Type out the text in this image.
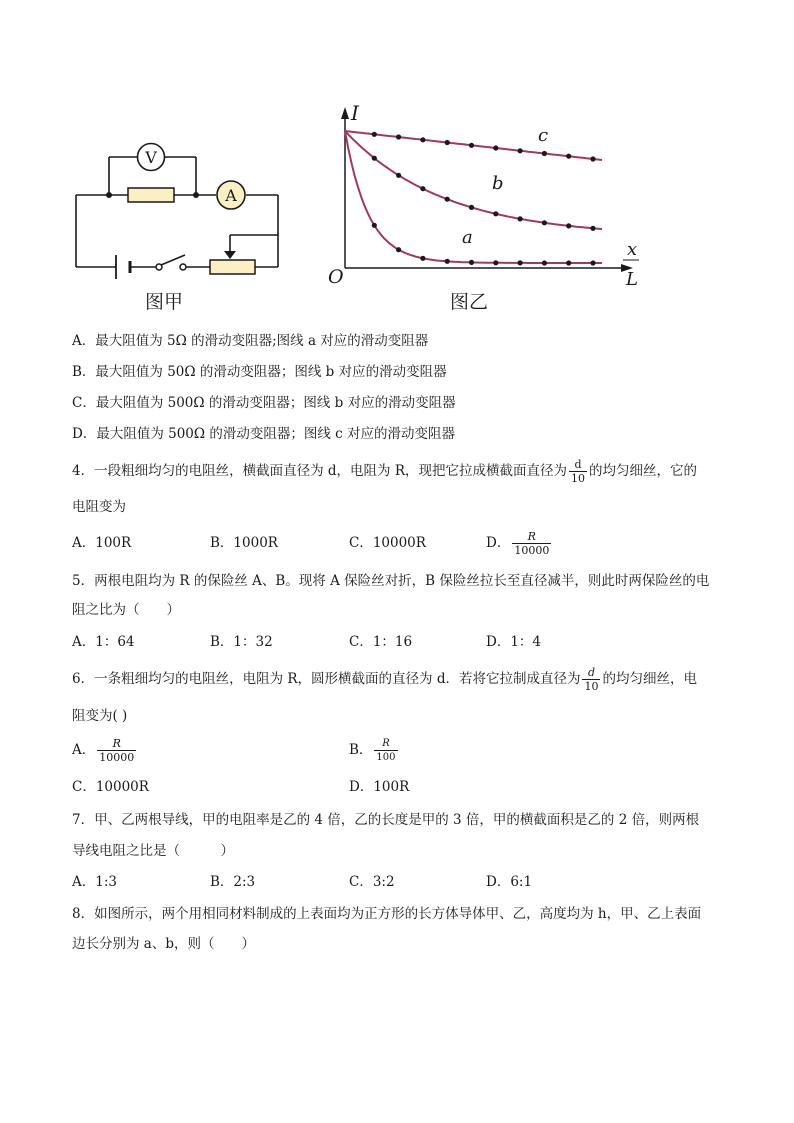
V
A
图甲
I
O
x
L
c
b
a
图乙
A．最大阻值为 5Ω 的滑动变阻器;图线 a 对应的滑动变阻器
B．最大阻值为 50Ω 的滑动变阻器；图线 b 对应的滑动变阻器
C．最大阻值为 500Ω 的滑动变阻器；图线 b 对应的滑动变阻器
D．最大阻值为 500Ω 的滑动变阻器；图线 c 对应的滑动变阻器
4．一段粗细均匀的电阻丝，横截面直径为 d，电阻为 R，现把它拉成横截面直径为 $\frac{d}{10}$ 的均匀细丝，它的
电阻变为
A．100R	B．1000R	C．10000R	D． $\frac{R}{10000}$
5．两根电阻均为 R 的保险丝 A、B。现将 A 保险丝对折，B 保险丝拉长至直径减半，则此时两保险丝的电
阻之比为（　　）
A．1：64	B．1：32	C．1：16	D．1：4
6．一条粗细均匀的电阻丝，电阻为 R，圆形横截面的直径为 d．若将它拉制成直径为 $\frac{d}{10}$ 的均匀细丝，电
阻变为( )
A． $\frac{R}{10000}$	B． $\frac{R}{100}$
C．10000R	D．100R
7．甲、乙两根导线，甲的电阻率是乙的 4 倍，乙的长度是甲的 3 倍，甲的横截面积是乙的 2 倍，则两根
导线电阻之比是（　　　）
A．1:3	B．2:3	C．3:2	D．6:1
8．如图所示，两个用相同材料制成的上表面均为正方形的长方体导体甲、乙，高度均为 h，甲、乙上表面
边长分别为 a、b，则（　　）
